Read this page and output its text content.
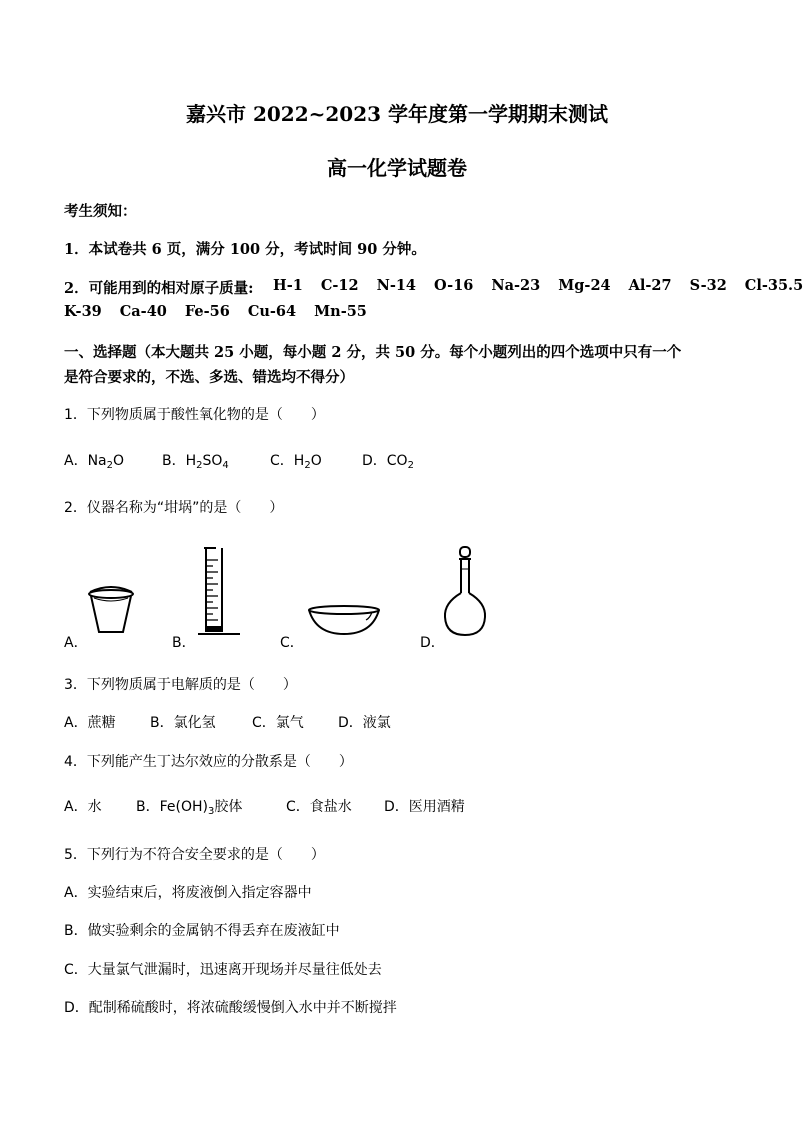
嘉兴市 2022~2023 学年度第一学期期末测试
高一化学试题卷
考生须知：
1．本试卷共 6 页，满分 100 分，考试时间 90 分钟。
2．可能用到的相对原子质量: H-1 C-12 N-14 O-16 Na-23 Mg-24 Al-27 S-32 Cl-35.5
K-39 Ca-40 Fe-56 Cu-64 Mn-55
一、选择题（本大题共 25 小题，每小题 2 分，共 50 分。每个小题列出的四个选项中只有一个
是符合要求的，不选、多选、错选均不得分）
1．下列物质属于酸性氧化物的是（　　）
A．$Na_2O$	B．$H_2SO_4$	C．$H_2O$	D．$CO_2$
2．仪器名称为“坩埚”的是（　　）
A．	B．	C．	D．
3．下列物质属于电解质的是（　　）
A．蔗糖 B．氯化氢	C．氯气 D．液氯
4．下列能产生丁达尔效应的分散系是（　　）
A．水 B．$Fe(OH)_3$胶体	C．食盐水 D．医用酒精
5．下列行为不符合安全要求的是（　　）
A．实验结束后，将废液倒入指定容器中
B．做实验剩余的金属钠不得丢弃在废液缸中
C．大量氯气泄漏时，迅速离开现场并尽量往低处去
D．配制稀硫酸时，将浓硫酸缓慢倒入水中并不断搅拌
